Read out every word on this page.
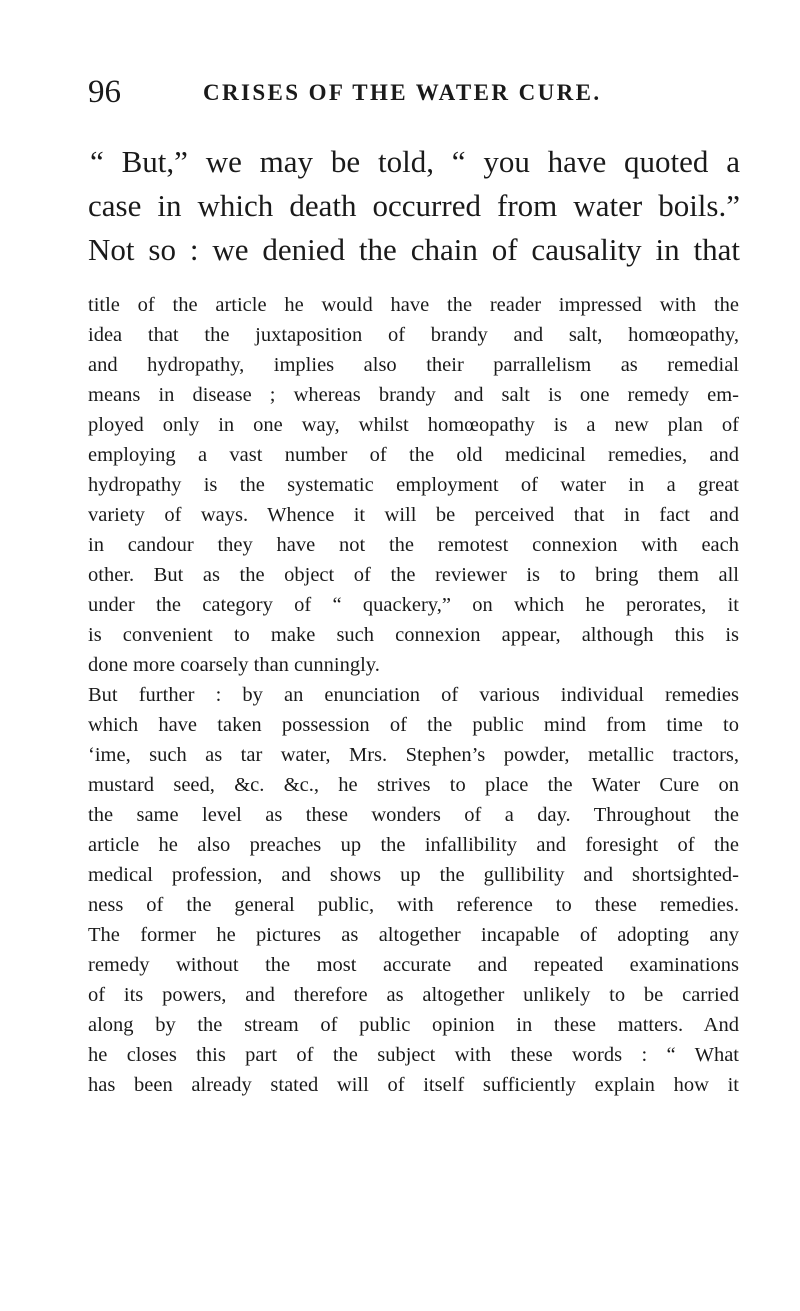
96	CRISES OF THE WATER CURE.
“ But,” we may be told, “ you have quoted a
case in which death occurred from water boils.”
Not so : we denied the chain of causality in that
title of the article he would have the reader impressed with the
idea that the juxtaposition of brandy and salt, homœopathy,
and hydropathy, implies also their parrallelism as remedial
means in disease ; whereas brandy and salt is one remedy em-
ployed only in one way, whilst homœopathy is a new plan of
employing a vast number of the old medicinal remedies, and
hydropathy is the systematic employment of water in a great
variety of ways. Whence it will be perceived that in fact and
in candour they have not the remotest connexion with each
other. But as the object of the reviewer is to bring them all
under the category of “ quackery,” on which he perorates, it
is convenient to make such connexion appear, although this is
done more coarsely than cunningly.
But further : by an enunciation of various individual remedies
which have taken possession of the public mind from time to
ʻime, such as tar water, Mrs. Stephen’s powder, metallic tractors,
mustard seed, &c. &c., he strives to place the Water Cure on
the same level as these wonders of a day. Throughout the
article he also preaches up the infallibility and foresight of the
medical profession, and shows up the gullibility and shortsighted-
ness of the general public, with reference to these remedies.
The former he pictures as altogether incapable of adopting any
remedy without the most accurate and repeated examinations
of its powers, and therefore as altogether unlikely to be carried
along by the stream of public opinion in these matters. And
he closes this part of the subject with these words : “ What
has been already stated will of itself sufficiently explain how it
